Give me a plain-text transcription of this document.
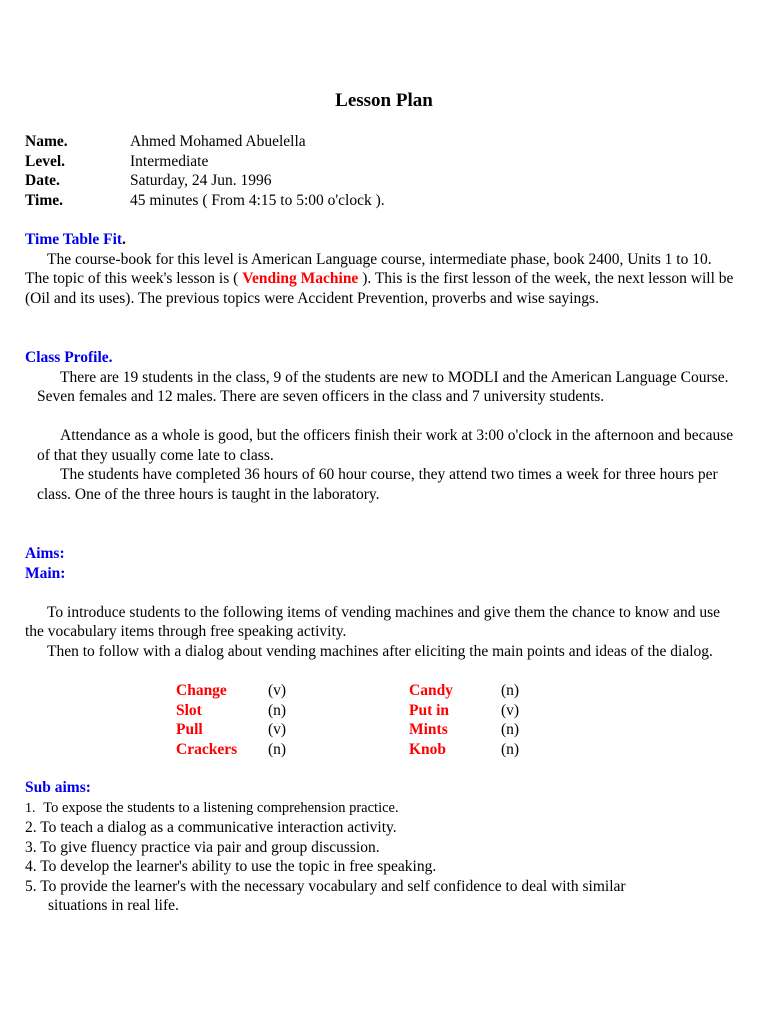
Lesson Plan
Name.	Ahmed Mohamed Abuelella
Level.	Intermediate
Date.	Saturday, 24 Jun. 1996
Time.	45 minutes ( From 4:15 to 5:00 o'clock ).
Time Table Fit.

The course-book for this level is American Language course, intermediate phase, book 2400, Units 1 to 10. The topic of this week's lesson is ( Vending Machine ). This is the first lesson of the week, the next lesson will be (Oil and its uses). The previous topics were Accident Prevention, proverbs and wise sayings.

Class Profile.

There are 19 students in the class, 9 of the students are new to MODLI and the American Language Course. Seven females and 12 males. There are seven officers in the class and 7 university students.

Attendance as a whole is good, but the officers finish their work at 3:00 o'clock in the afternoon and because of that they usually come late to class.

The students have completed 36 hours of 60 hour course, they attend two times a week for three hours per class. One of the three hours is taught in the laboratory.

Aims:
Main:

To introduce students to the following items of vending machines and give them the chance to know and use the vocabulary items through free speaking activity.

Then to follow with a dialog about vending machines after eliciting the main points and ideas of the dialog.

Change	(v)	Candy	(n)
Slot	(n)	Put in	(v)
Pull	(v)	Mints	(n)
Crackers (n)	Knob	(n)
Sub aims:
1. To expose the students to a listening comprehension practice.
2. To teach a dialog as a communicative interaction activity.
3. To give fluency practice via pair and group discussion.
4. To develop the learner's ability to use the topic in free speaking.
5. To provide the learner's with the necessary vocabulary and self confidence to deal with similar
situations in real life.
